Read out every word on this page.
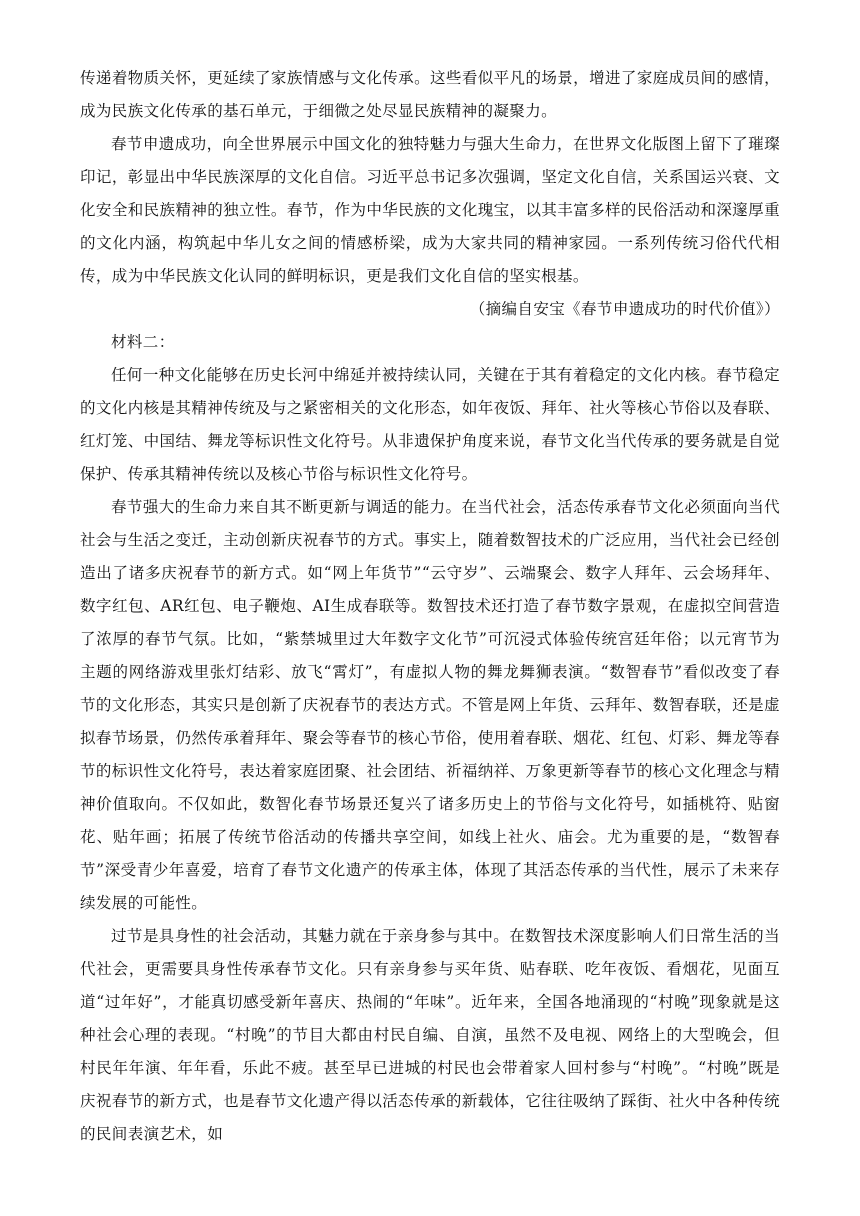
传递着物质关怀，更延续了家族情感与文化传承。这些看似平凡的场景，增进了家庭成员间的感情，成为民族文化传承的基石单元，于细微之处尽显民族精神的凝聚力。

春节申遗成功，向全世界展示中国文化的独特魅力与强大生命力，在世界文化版图上留下了璀璨印记，彰显出中华民族深厚的文化自信。习近平总书记多次强调，坚定文化自信，关系国运兴衰、文化安全和民族精神的独立性。春节，作为中华民族的文化瑰宝，以其丰富多样的民俗活动和深邃厚重的文化内涵，构筑起中华儿女之间的情感桥梁，成为大家共同的精神家园。一系列传统习俗代代相传，成为中华民族文化认同的鲜明标识，更是我们文化自信的坚实根基。

（摘编自安宝《春节申遗成功的时代价值》）

材料二：

任何一种文化能够在历史长河中绵延并被持续认同，关键在于其有着稳定的文化内核。春节稳定的文化内核是其精神传统及与之紧密相关的文化形态，如年夜饭、拜年、社火等核心节俗以及春联、红灯笼、中国结、舞龙等标识性文化符号。从非遗保护角度来说，春节文化当代传承的要务就是自觉保护、传承其精神传统以及核心节俗与标识性文化符号。

春节强大的生命力来自其不断更新与调适的能力。在当代社会，活态传承春节文化必须面向当代社会与生活之变迁，主动创新庆祝春节的方式。事实上，随着数智技术的广泛应用，当代社会已经创造出了诸多庆祝春节的新方式。如“网上年货节”“云守岁”、云端聚会、数字人拜年、云会场拜年、数字红包、AR红包、电子鞭炮、AI生成春联等。数智技术还打造了春节数字景观，在虚拟空间营造了浓厚的春节气氛。比如，“紫禁城里过大年数字文化节”可沉浸式体验传统宫廷年俗；以元宵节为主题的网络游戏里张灯结彩、放飞“霄灯”，有虚拟人物的舞龙舞狮表演。“数智春节”看似改变了春节的文化形态，其实只是创新了庆祝春节的表达方式。不管是网上年货、云拜年、数智春联，还是虚拟春节场景，仍然传承着拜年、聚会等春节的核心节俗，使用着春联、烟花、红包、灯彩、舞龙等春节的标识性文化符号，表达着家庭团聚、社会团结、祈福纳祥、万象更新等春节的核心文化理念与精神价值取向。不仅如此，数智化春节场景还复兴了诸多历史上的节俗与文化符号，如插桃符、贴窗花、贴年画；拓展了传统节俗活动的传播共享空间，如线上社火、庙会。尤为重要的是，“数智春节”深受青少年喜爱，培育了春节文化遗产的传承主体，体现了其活态传承的当代性，展示了未来存续发展的可能性。

过节是具身性的社会活动，其魅力就在于亲身参与其中。在数智技术深度影响人们日常生活的当代社会，更需要具身性传承春节文化。只有亲身参与买年货、贴春联、吃年夜饭、看烟花，见面互道“过年好”，才能真切感受新年喜庆、热闹的“年味”。近年来，全国各地涌现的“村晚”现象就是这种社会心理的表现。“村晚”的节目大都由村民自编、自演，虽然不及电视、网络上的大型晚会，但村民年年演、年年看，乐此不疲。甚至早已进城的村民也会带着家人回村参与“村晚”。“村晚”既是庆祝春节的新方式，也是春节文化遗产得以活态传承的新载体，它往往吸纳了踩街、社火中各种传统的民间表演艺术，如
